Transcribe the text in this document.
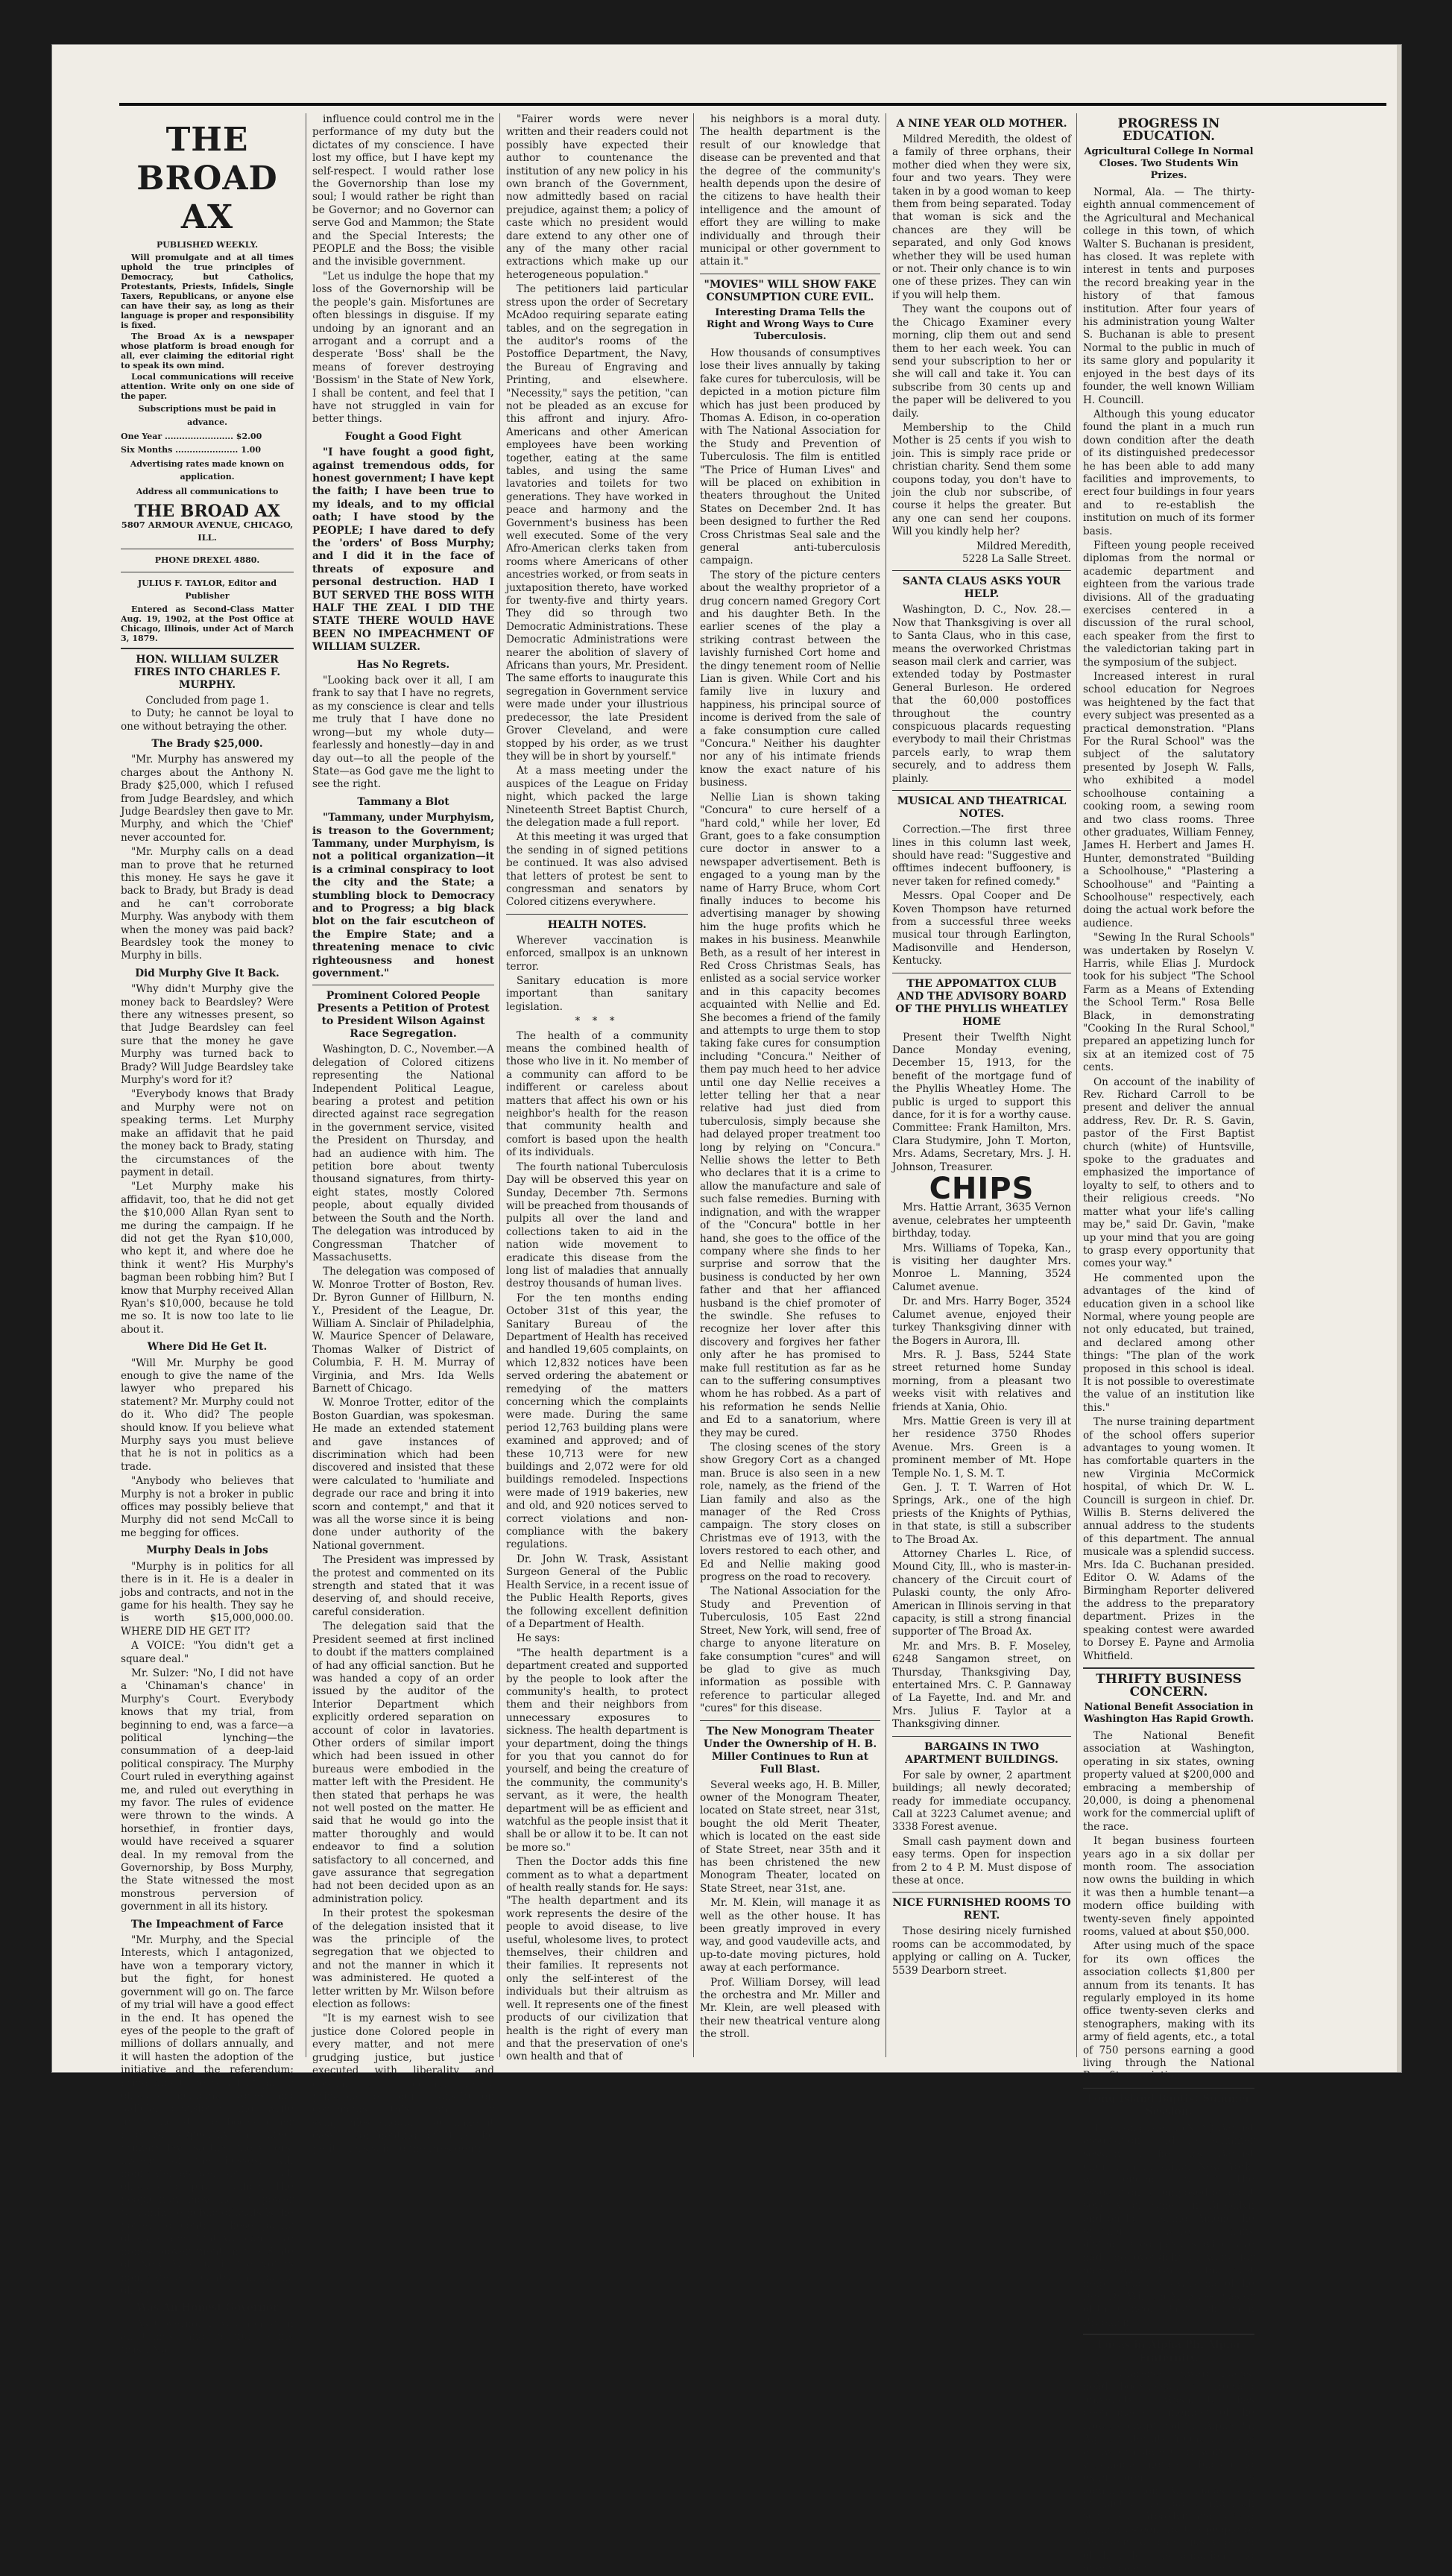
THE BROAD AX
PUBLISHED WEEKLY.

Will promulgate and at all times uphold the true principles of Democracy, but Catholics, Protestants, Priests, Infidels, Single Taxers, Republicans, or anyone else can have their say, as long as their language is proper and responsibility is fixed.

The Broad Ax is a newspaper whose platform is broad enough for all, ever claiming the editorial right to speak its own mind.

Local communications will receive attention. Write only on one side of the paper.

Subscriptions must be paid in advance.
One Year ........................ $2.00
Six Months ...................... 1.00
Advertising rates made known on application.
Address all communications to
THE BROAD AX
5807 ARMOUR AVENUE, CHICAGO, ILL.
PHONE DREXEL 4880.
JULIUS F. TAYLOR, Editor and Publisher

Entered as Second-Class Matter Aug. 19, 1902, at the Post Office at Chicago, Illinois, under Act of March 3, 1879.

HON. WILLIAM SULZER FIRES INTO CHARLES F. MURPHY.
Concluded from page 1.

to Duty; he cannot be loyal to one without betraying the other.

The Brady $25,000.

"Mr. Murphy has answered my charges about the Anthony N. Brady $25,000, which I refused from Judge Beardsley, and which Judge Beardsley then gave to Mr. Murphy, and which the 'Chief' never accounted for.

"Mr. Murphy calls on a dead man to prove that he returned this money. He says he gave it back to Brady, but Brady is dead and he can't corroborate Murphy. Was anybody with them when the money was paid back? Beardsley took the money to Murphy in bills.

Did Murphy Give It Back.

"Why didn't Murphy give the money back to Beardsley? Were there any witnesses present, so that Judge Beardsley can feel sure that the money he gave Murphy was turned back to Brady? Will Judge Beardsley take Murphy's word for it?

"Everybody knows that Brady and Murphy were not on speaking terms. Let Murphy make an affidavit that he paid the money back to Brady, stating the circumstances of the payment in detail.

"Let Murphy make his affidavit, too, that he did not get the $10,000 Allan Ryan sent to me during the campaign. If he did not get the Ryan $10,000, who kept it, and where doe he think it went? His Murphy's bagman been robbing him? But I know that Murphy received Allan Ryan's $10,000, because he told me so. It is now too late to lie about it.

Where Did He Get It.

"Will Mr. Murphy be good enough to give the name of the lawyer who prepared his statement? Mr. Murphy could not do it. Who did? The people should know. If you believe what Murphy says you must believe that he is not in politics as a trade.

"Anybody who believes that Murphy is not a broker in public offices may possibly believe that Murphy did not send McCall to me begging for offices.

Murphy Deals in Jobs

"Murphy is in politics for all there is in it. He is a dealer in jobs and contracts, and not in the game for his health. They say he is worth $15,000,000.00. WHERE DID HE GET IT?

A VOICE: "You didn't get a square deal."

Mr. Sulzer: "No, I did not have a 'Chinaman's chance' in Murphy's Court. Everybody knows that my trial, from beginning to end, was a farce—a political lynching—the consummation of a deep-laid political conspiracy. The Murphy Court ruled in everything against me, and ruled out everything in my favor. The rules of evidence were thrown to the winds. A horsethief, in frontier days, would have received a squarer deal. In my removal from the Governorship, by Boss Murphy, the State witnessed the most monstrous perversion of government in all its history.

The Impeachment of Farce

"Mr. Murphy, and the Special Interests, which I antagonized, have won a temporary victory, but the fight, for honest government will go on. The farce of my trial will have a good effect in the end. It has opened the eyes of the people to the graft of millions of dollars annually, and it will hasten the adoption of the initiative and the referendum; bring about the recall of public officials, including judges and judicial decisions; and write upon the statute books other reforms, especially a direct primary law, so that the voters, instead of the bosses, will nominate, as well as elect, all officials to public office. The people now know that the power to nominate public officials is the power to control these public officials; and that we can have honest government in the State of New York until the voters nominate and control all public officials.

Was An Honest Governor

"As Governor I was honest in all things, and faithful to my trust. No

influence could control me in the performance of my duty but the dictates of my conscience. I have lost my office, but I have kept my self-respect. I would rather lose the Governorship than lose my soul; I would rather be right than be Governor; and no Governor can serve God and Mammon; the State and the Special Interests; the PEOPLE and the Boss; the visible and the invisible government.

"Let us indulge the hope that my loss of the Governorship will be the people's gain. Misfortunes are often blessings in disguise. If my undoing by an ignorant and an arrogant and a corrupt and a desperate 'Boss' shall be the means of forever destroying 'Bossism' in the State of New York, I shall be content, and feel that I have not struggled in vain for better things.

Fought a Good Fight

"I have fought a good fight, against tremendous odds, for honest government; I have kept the faith; I have been true to my ideals, and to my official oath; I have stood by the PEOPLE; I have dared to defy the 'orders' of Boss Murphy; and I did it in the face of threats of exposure and personal destruction. HAD I BUT SERVED THE BOSS WITH HALF THE ZEAL I DID THE STATE THERE WOULD HAVE BEEN NO IMPEACHMENT OF WILLIAM SULZER.

Has No Regrets.

"Looking back over it all, I am frank to say that I have no regrets, as my conscience is clear and tells me truly that I have done no wrong—but my whole duty—fearlessly and honestly—day in and day out—to all the people of the State—as God gave me the light to see the right.

Tammany a Blot

"Tammany, under Murphyism, is treason to the Government; Tammany, under Murphyism, is not a political organization—it is a criminal conspiracy to loot the city and the State; a stumbling block to Democracy and to Progress; a big black blot on the fair escutcheon of the Empire State; and a threatening menace to civic righteousness and honest government."

Prominent Colored People Presents a Petition of Protest to President Wilson Against Race Segregation.

Washington, D. C., November.—A delegation of Colored citizens representing the National Independent Political League, bearing a protest and petition directed against race segregation in the government service, visited the President on Thursday, and had an audience with him. The petition bore about twenty thousand signatures, from thirty-eight states, mostly Colored people, about equally divided between the South and the North. The delegation was introduced by Congressman Thatcher of Massachusetts.

The delegation was composed of W. Monroe Trotter of Boston, Rev. Dr. Byron Gunner of Hillburn, N. Y., President of the League, Dr. William A. Sinclair of Philadelphia, W. Maurice Spencer of Delaware, Thomas Walker of District of Columbia, F. H. M. Murray of Virginia, and Mrs. Ida Wells Barnett of Chicago.

W. Monroe Trotter, editor of the Boston Guardian, was spokesman. He made an extended statement and gave instances of discrimination which had been discovered and insisted that these were calculated to 'humiliate and degrade our race and bring it into scorn and contempt," and that it was all the worse since it is being done under authority of the National government.

The President was impressed by the protest and commented on its strength and stated that it was deserving of, and should receive, careful consideration.

The delegation said that the President seemed at first inclined to doubt if the matters complained of had any official sanction. But he was handed a copy of an order issued by the auditor of the Interior Department which explicitly ordered separation on account of color in lavatories. Other orders of similar import which had been issued in other bureaus were embodied in the matter left with the President. He then stated that perhaps he was not well posted on the matter. He said that he would go into the matter thoroughly and would endeavor to find a solution satisfactory to all concerned, and gave assurance that segregation had not been decided upon as an administration policy.

In their protest the spokesman of the delegation insisted that it was the principle of the segregation that we objected to and not the manner in which it was administered. He quoted a letter written by Mr. Wilson before election as follows:

"It is my earnest wish to see justice done Colored people in every matter, and not mere grudging justice, but justice executed with liberality and cordial good feeling. Every principle of our Constitution commands this, and our sympathies should also make it easy." Commenting on this the petitioners said to the President:

"Fairer words were never written and their readers could not possibly have expected their author to countenance the institution of any new policy in his own branch of the Government, now admittedly based on racial prejudice, against them; a policy of caste which no president would dare extend to any other one of any of the many other racial extractions which make up our heterogeneous population."

The petitioners laid particular stress upon the order of Secretary McAdoo requiring separate eating tables, and on the segregation in the auditor's rooms of the Postoffice Department, the Navy, the Bureau of Engraving and Printing, and elsewhere. "Necessity," says the petition, "can not be pleaded as an excuse for this affront and injury. Afro-Americans and other American employees have been working together, eating at the same tables, and using the same lavatories and toilets for two generations. They have worked in peace and harmony and the Government's business has been well executed. Some of the very Afro-American clerks taken from rooms where Americans of other ancestries worked, or from seats in juxtaposition thereto, have worked for twenty-five and thirty years. They did so through two Democratic Administrations. These Democratic Administrations were nearer the abolition of slavery of Africans than yours, Mr. President. The same efforts to inaugurate this segregation in Government service were made under your illustrious predecessor, the late President Grover Cleveland, and were stopped by his order, as we trust they will be in short by yourself."

At a mass meeting under the auspices of the League on Friday night, which packed the large Nineteenth Street Baptist Church, the delegation made a full report.

At this meeting it was urged that the sending in of signed petitions be continued. It was also advised that letters of protest be sent to congressman and senators by Colored citizens everywhere.

HEALTH NOTES.

Wherever vaccination is enforced, smallpox is an unknown terror.

Sanitary education is more important than sanitary legislation.

* * *

The health of a community means the combined health of those who live in it. No member of a community can afford to be indifferent or careless about matters that affect his own or his neighbor's health for the reason that community health and comfort is based upon the health of its individuals.

The fourth national Tuberculosis Day will be observed this year on Sunday, December 7th. Sermons will be preached from thousands of pulpits all over the land and collections taken to aid in the nation wide movement to eradicate this disease from the long list of maladies that annually destroy thousands of human lives.

For the ten months ending October 31st of this year, the Sanitary Bureau of the Department of Health has received and handled 19,605 complaints, on which 12,832 notices have been served ordering the abatement or remedying of the matters concerning which the complaints were made. During the same period 12,763 building plans were examined and approved; and of these 10,713 were for new buildings and 2,072 were for old buildings remodeled. Inspections were made of 1919 bakeries, new and old, and 920 notices served to correct violations and non-compliance with the bakery regulations.

Dr. John W. Trask, Assistant Surgeon General of the Public Health Service, in a recent issue of the Public Health Reports, gives the following excellent definition of a Department of Health.

He says:

"The health department is a department created and supported by the people to look after the community's health, to protect them and their neighbors from unnecessary exposures to sickness. The health department is your department, doing the things for you that you cannot do for yourself, and being the creature of the community, the community's servant, as it were, the health department will be as efficient and watchful as the people insist that it shall be or allow it to be. It can not be more so."

Then the Doctor adds this fine comment as to what a department of health really stands for. He says: "The health department and its work represents the desire of the people to avoid disease, to live useful, wholesome lives, to protect themselves, their children and their families. It represents not only the self-interest of the individuals but their altruism as well. It represents one of the finest products of our civilization that health is the right of every man and that the preservation of one's own health and that of

his neighbors is a moral duty. The health department is the result of our knowledge that disease can be prevented and that the degree of the community's health depends upon the desire of the citizens to have health their intelligence and the amount of effort they are willing to make individually and through their municipal or other government to attain it."

"MOVIES" WILL SHOW FAKE CONSUMPTION CURE EVIL.
Interesting Drama Tells the Right and Wrong Ways to Cure Tuberculosis.

How thousands of consumptives lose their lives annually by taking fake cures for tuberculosis, will be depicted in a motion picture film which has just been produced by Thomas A. Edison, in co-operation with The National Association for the Study and Prevention of Tuberculosis. The film is entitled "The Price of Human Lives" and will be placed on exhibition in theaters throughout the United States on December 2nd. It has been designed to further the Red Cross Christmas Seal sale and the general anti-tuberculosis campaign.

The story of the picture centers about the wealthy proprietor of a drug concern named Gregory Cort and his daughter Beth. In the earlier scenes of the play a striking contrast between the lavishly furnished Cort home and the dingy tenement room of Nellie Lian is given. While Cort and his family live in luxury and happiness, his principal source of income is derived from the sale of a fake consumption cure called "Concura." Neither his daughter nor any of his intimate friends know the exact nature of his business.

Nellie Lian is shown taking "Concura" to cure herself of a "hard cold," while her lover, Ed Grant, goes to a fake consumption cure doctor in answer to a newspaper advertisement. Beth is engaged to a young man by the name of Harry Bruce, whom Cort finally induces to become his advertising manager by showing him the huge profits which he makes in his business. Meanwhile Beth, as a result of her interest in Red Cross Christmas Seals, has enlisted as a social service worker and in this capacity becomes acquainted with Nellie and Ed. She becomes a friend of the family and attempts to urge them to stop taking fake cures for consumption including "Concura." Neither of them pay much heed to her advice until one day Nellie receives a letter telling her that a near relative had just died from tuberculosis, simply because she had delayed proper treatment too long by relying on "Concura." Nellie shows the letter to Beth who declares that it is a crime to allow the manufacture and sale of such false remedies. Burning with indignation, and with the wrapper of the "Concura" bottle in her hand, she goes to the office of the company where she finds to her surprise and sorrow that the business is conducted by her own father and that her affianced husband is the chief promoter of the swindle. She refuses to recognize her lover after this discovery and forgives her father only after he has promised to make full restitution as far as he can to the suffering consumptives whom he has robbed. As a part of his reformation he sends Nellie and Ed to a sanatorium, where they may be cured.

The closing scenes of the story show Gregory Cort as a changed man. Bruce is also seen in a new role, namely, as the friend of the Lian family and also as the manager of the Red Cross campaign. The story closes on Christmas eve of 1913, with the lovers restored to each other, and Ed and Nellie making good progress on the road to recovery.

The National Association for the Study and Prevention of Tuberculosis, 105 East 22nd Street, New York, will send, free of charge to anyone literature on fake consumption "cures" and will be glad to give as much information as possible with reference to particular alleged "cures" for this disease.

The New Monogram Theater Under the Ownership of H. B. Miller Continues to Run at Full Blast.

Several weeks ago, H. B. Miller, owner of the Monogram Theater, located on State street, near 31st, bought the old Merit Theater, which is located on the east side of State Street, near 35th and it has been christened the new Monogram Theater, located on State Street, near 31st, ane.

Mr. M. Klein, will manage it as well as the other house. It has been greatly improved in every way, and good vaudeville acts, and up-to-date moving pictures, hold away at each performance.

Prof. William Dorsey, will lead the orchestra and Mr. Miller and Mr. Klein, are well pleased with their new theatrical venture along the stroll.

A NINE YEAR OLD MOTHER.

Mildred Meredith, the oldest of a family of three orphans, their mother died when they were six, four and two years. They were taken in by a good woman to keep them from being separated. Today that woman is sick and the chances are they will be separated, and only God knows whether they will be used human or not. Their only chance is to win one of these prizes. They can win if you will help them.

They want the coupons out of the Chicago Examiner every morning, clip them out and send them to her each week. You can send your subscription to her or she will call and take it. You can subscribe from 30 cents up and the paper will be delivered to you daily.

Membership to the Child Mother is 25 cents if you wish to join. This is simply race pride or christian charity. Send them some coupons today, you don't have to join the club nor subscribe, of course it helps the greater. But any one can send her coupons. Will you kindly help her?

Mildred Meredith,
5228 La Salle Street.
SANTA CLAUS ASKS YOUR HELP.

Washington, D. C., Nov. 28.—Now that Thanksgiving is over all to Santa Claus, who in this case, means the overworked Christmas season mail clerk and carrier, was extended today by Postmaster General Burleson. He ordered that the 60,000 postoffices throughout the country conspicuous placards requesting everybody to mail their Christmas parcels early, to wrap them securely, and to address them plainly.

MUSICAL AND THEATRICAL NOTES.

Correction.—The first three lines in this column last week, should have read: "Suggestive and offtimes indecent buffoonery, is never taken for refined comedy."

Messrs. Opal Cooper and De Koven Thompson have returned from a successful three weeks musical tour through Earlington, Madisonville and Henderson, Kentucky.

THE APPOMATTOX CLUB AND THE ADVISORY BOARD OF THE PHYLLIS WHEATLEY HOME

Present their Twelfth Night Dance Monday evening, December 15, 1913, for the benefit of the mortgage fund of the Phyllis Wheatley Home. The public is urged to support this dance, for it is for a worthy cause. Committee: Frank Hamilton, Mrs. Clara Studymire, John T. Morton, Mrs. Adams, Secretary, Mrs. J. H. Johnson, Treasurer.

CHIPS

Mrs. Hattie Arrant, 3635 Vernon avenue, celebrates her umpteenth birthday, today.

Mrs. Williams of Topeka, Kan., is visiting her daughter Mrs. Monroe L. Manning, 3524 Calumet avenue.

Dr. and Mrs. Harry Boger, 3524 Calumet avenue, enjoyed their turkey Thanksgiving dinner with the Bogers in Aurora, Ill.

Mrs. R. J. Bass, 5244 State street returned home Sunday morning, from a pleasant two weeks visit with relatives and friends at Xania, Ohio.

Mrs. Mattie Green is very ill at her residence 3750 Rhodes Avenue. Mrs. Green is a prominent member of Mt. Hope Temple No. 1, S. M. T.

Gen. J. T. T. Warren of Hot Springs, Ark., one of the high priests of the Knights of Pythias, in that state, is still a subscriber to The Broad Ax.

Attorney Charles L. Rice, of Mound City, Ill., who is master-in-chancery of the Circuit court of Pulaski county, the only Afro-American in Illinois serving in that capacity, is still a strong financial supporter of The Broad Ax.

Mr. and Mrs. B. F. Moseley, 6248 Sangamon street, on Thursday, Thanksgiving Day, entertained Mrs. C. P. Gannaway of La Fayette, Ind. and Mr. and Mrs. Julius F. Taylor at a Thanksgiving dinner.

BARGAINS IN TWO APARTMENT BUILDINGS.

For sale by owner, 2 apartment buildings; all newly decorated; ready for immediate occupancy. Call at 3223 Calumet avenue; and 3338 Forest avenue.

Small cash payment down and easy terms. Open for inspection from 2 to 4 P. M. Must dispose of these at once.

NICE FURNISHED ROOMS TO RENT.

Those desiring nicely furnished rooms can be accommodated, by applying or calling on A. Tucker, 5539 Dearborn street.

PROGRESS IN EDUCATION.
Agricultural College In Normal Closes. Two Students Win Prizes.

Normal, Ala. — The thirty-eighth annual commencement of the Agricultural and Mechanical college in this town, of which Walter S. Buchanan is president, has closed. It was replete with interest in tents and purposes the record breaking year in the history of that famous institution. After four years of his administration young Walter S. Buchanan is able to present Normal to the public in much of its same glory and popularity it enjoyed in the best days of its founder, the well known William H. Councill.

Although this young educator found the plant in a much run down condition after the death of its distinguished predecessor he has been able to add many facilities and improvements, to erect four buildings in four years and to re-establish the institution on much of its former basis.

Fifteen young people received diplomas from the normal or academic department and eighteen from the various trade divisions. All of the graduating exercises centered in a discussion of the rural school, each speaker from the first to the valedictorian taking part in the symposium of the subject.

Increased interest in rural school education for Negroes was heightened by the fact that every subject was presented as a practical demonstration. "Plans For the Rural School" was the subject of the salutatory presented by Joseph W. Falls, who exhibited a model schoolhouse containing a cooking room, a sewing room and two class rooms. Three other graduates, William Fenney, James H. Herbert and James H. Hunter, demonstrated "Building a Schoolhouse," "Plastering a Schoolhouse" and "Painting a Schoolhouse" respectively, each doing the actual work before the audience.

"Sewing In the Rural Schools" was undertaken by Roselyn V. Harris, while Elias J. Murdock took for his subject "The School Farm as a Means of Extending the School Term." Rosa Belle Black, in demonstrating "Cooking In the Rural School," prepared an appetizing lunch for six at an itemized cost of 75 cents.

On account of the inability of Rev. Richard Carroll to be present and deliver the annual address, Rev. Dr. R. S. Gavin, pastor of the First Baptist church (white) of Huntsville, spoke to the graduates and emphasized the importance of loyalty to self, to others and to their religious creeds. "No matter what your life's calling may be," said Dr. Gavin, "make up your mind that you are going to grasp every opportunity that comes your way."

He commented upon the advantages of the kind of education given in a school like Normal, where young people are not only educated, but trained, and declared among other things: "The plan of the work proposed in this school is ideal. It is not possible to overestimate the value of an institution like this."

The nurse training department of the school offers superior advantages to young women. It has comfortable quarters in the new Virginia McCormick hospital, of which Dr. W. L. Councill is surgeon in chief. Dr. Willis B. Sterns delivered the annual address to the students of this department. The annual musicale was a splendid success. Mrs. Ida C. Buchanan presided. Editor O. W. Adams of the Birmingham Reporter delivered the address to the preparatory department. Prizes in the speaking contest were awarded to Dorsey E. Payne and Armolia Whitfield.

THRIFTY BUSINESS CONCERN.
National Benefit Association in Washington Has Rapid Growth.

The National Benefit association at Washington, operating in six states, owning property valued at $200,000 and embracing a membership of 20,000, is doing a phenomenal work for the commercial uplift of the race.

It began business fourteen years ago in a six dollar per month room. The association now owns the building in which it was then a humble tenant—a modern office building with twenty-seven finely appointed rooms, valued at about $50,000.

After using much of the space for its own offices the association collects $1,800 per annum from its tenants. It has regularly employed in its home office twenty-seven clerks and stenographers, making with its army of field agents, etc., a total of 750 persons earning a good living through the National Benefit association.

Long Island Baptist Summer Session.

The Long Island (N. Y.) Baptist association held its summer session in the First Baptist church in Flushing, New York, week ending June 21. The association is composed of about seventy churches in Brooklyn and on Long Island. Among the speakers were many distinguished pastors who have had the oversight of work for many years. One of the most helpful addresses was that of the Rev. Dr. William M. Moss, pastor of the Concord Baptist church in Brooklyn.

Lucas in Alpha Phi Alpha Fraternity.

Mr. Clarence Edward Lucas, head bookkeeper at Howard university in Washington, has been made a member of the Howard chapter of the Alpha Phi Alpha fraternity. Young Lucas is a law graduate of Howard, and was made a notary public during ex-President Taft's administration. Mr. Lucas is a product of the public and high schools of Brooklyn and is held in high esteem by the people of Brooklyn, who are justly proud of him for his ambition and manly bearing.
